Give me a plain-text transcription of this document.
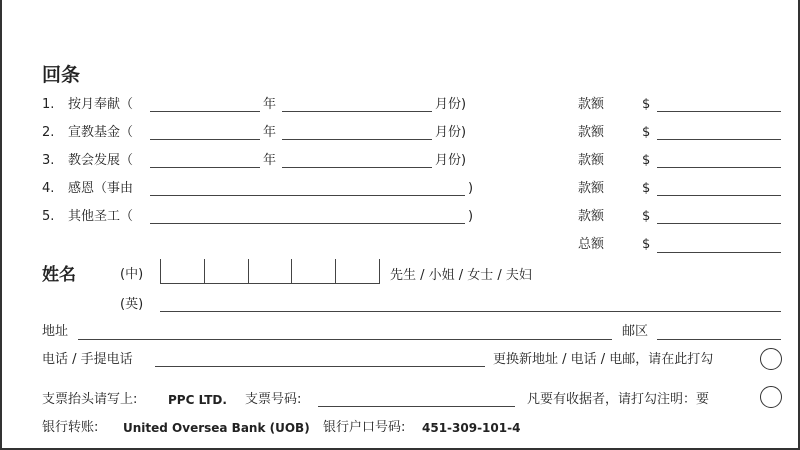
回条
1. 按月奉献（	年	月份)	款额	$
2. 宣教基金（	年	月份)	款额	$
3. 教会发展（	年	月份)	款额	$
4. 感恩（事由	)	款额	$
5. 其他圣工（	)	款额	$
总额	$
姓名	(中)	先生 / 小姐 / 女士 / 夫妇
(英)
地址	邮区
电话 / 手提电话	更换新地址 / 电话 / 电邮，请在此打勾
支票抬头请写上:	PPC LTD. 支票号码:	凡要有收据者，请打勾注明：要
银行转账: United Oversea Bank (UOB) 银行户口号码: 451-309-101-4
